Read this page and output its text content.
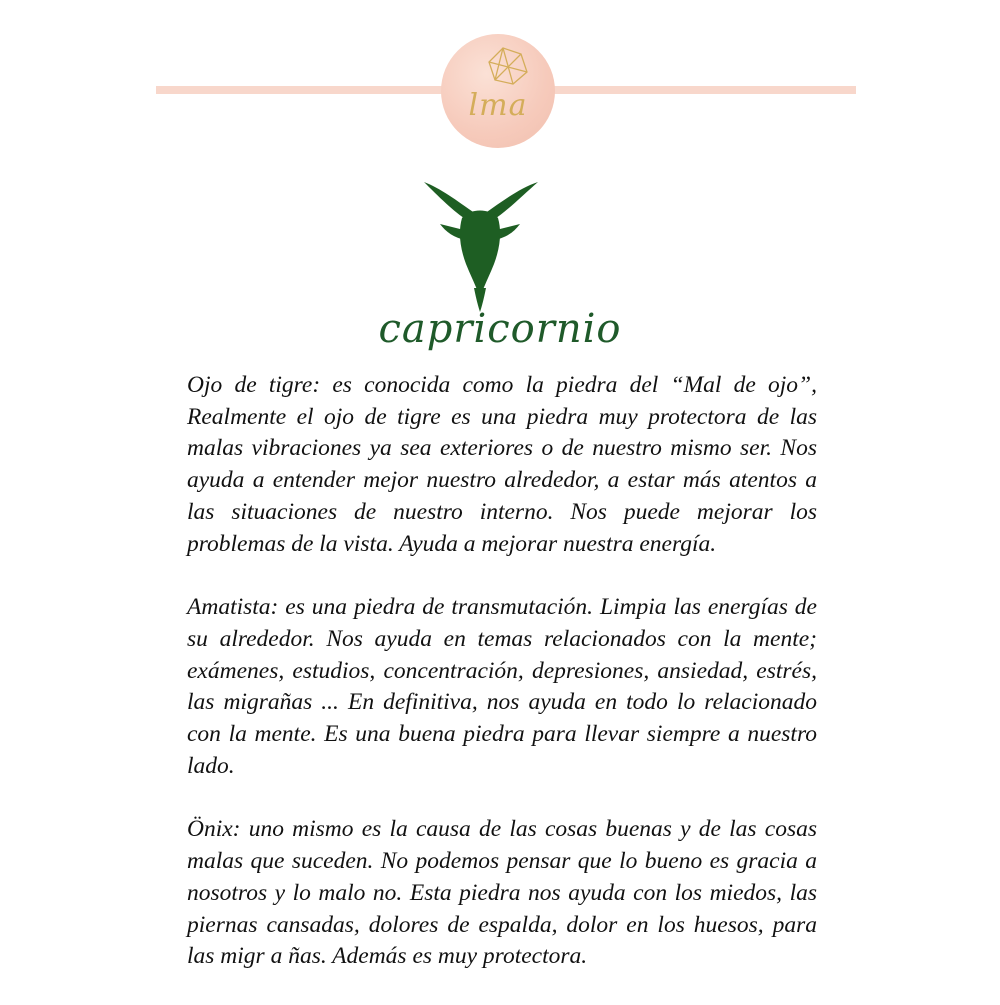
lma
capricornio

Ojo de tigre: es conocida como la piedra del “Mal de ojo”, Realmente el ojo de tigre es una piedra muy protectora de las malas vibraciones ya sea exteriores o de nuestro mismo ser. Nos ayuda a entender mejor nuestro alrededor, a estar más atentos a las situaciones de nuestro interno. Nos puede mejorar los problemas de la vista. Ayuda a mejorar nuestra energía.

Amatista: es una piedra de transmutación. Limpia las energías de su alrededor. Nos ayuda en temas relacionados con la mente; exámenes, estudios, concentración, depresiones, ansiedad, estrés, las migrañas ... En definitiva, nos ayuda en todo lo relacionado con la mente. Es una buena piedra para llevar siempre a nuestro lado.

Önix: uno mismo es la causa de las cosas buenas y de las cosas malas que suceden. No podemos pensar que lo bueno es gracia a nosotros y lo malo no. Esta piedra nos ayuda con los miedos, las piernas cansadas, dolores de espalda, dolor en los huesos, para las migr a ñas. Además es muy protectora.
